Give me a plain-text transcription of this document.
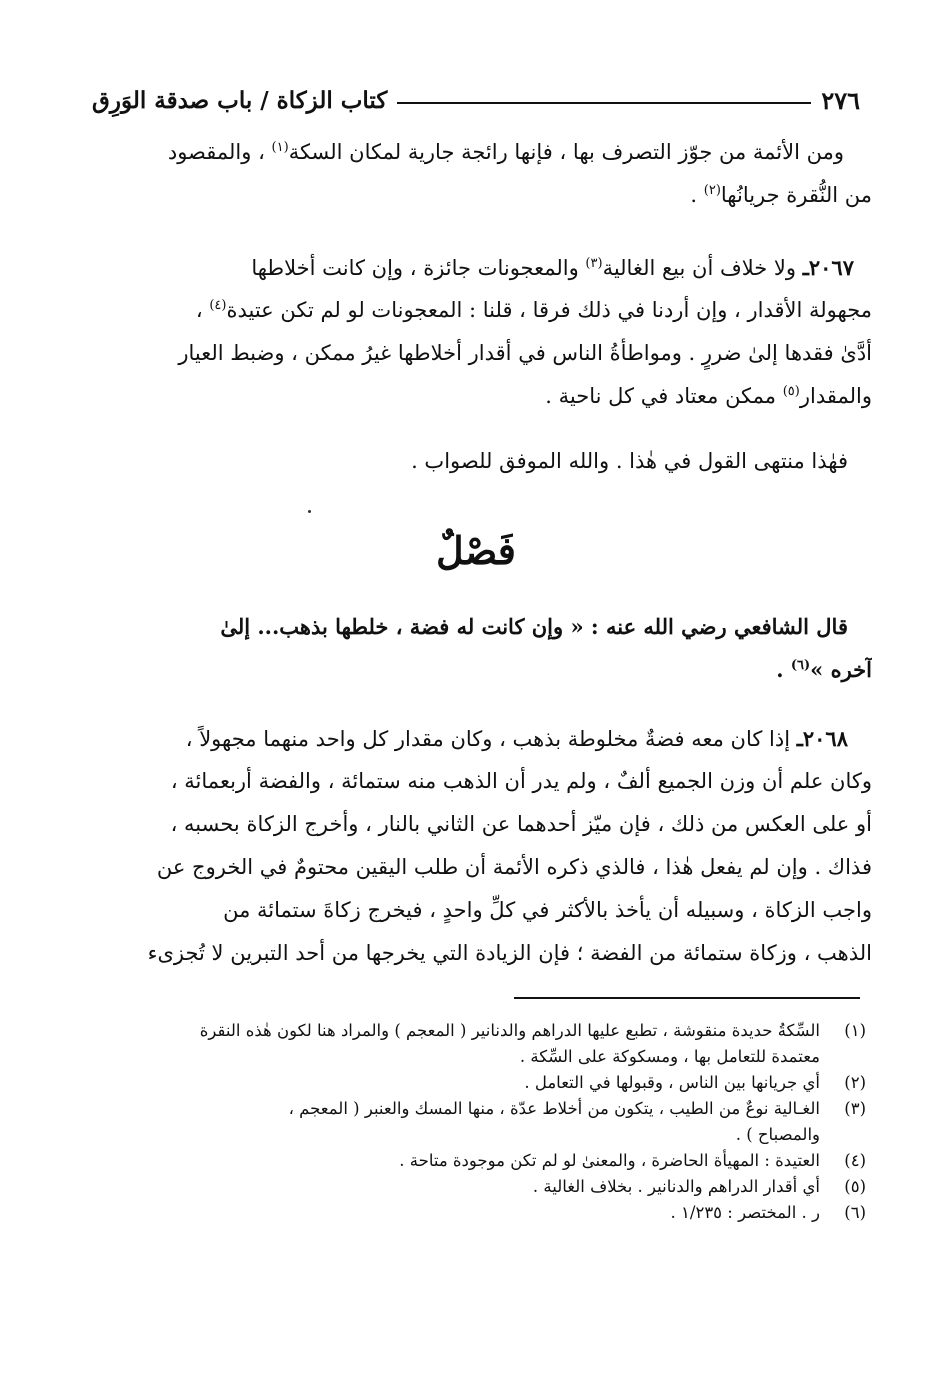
٢٧٦
كتاب الزكاة / باب صدقة الوَرِق
ومن الأئمة من جوّز التصرف بها ، فإنها رائجة جارية لمكان السكة$^{(١)}$ ، والمقصود
من النُّقرة جريانُها$^{(٢)}$ .
٢٠٦٧ـ ولا خلاف أن بيع الغالية$^{(٣)}$ والمعجونات جائزة ، وإن كانت أخلاطها
مجهولة الأقدار ، وإن أردنا في ذلك فرقا ، قلنا : المعجونات لو لم تكن عتيدة$^{(٤)}$ ،
أدَّىٰ فقدها إلىٰ ضررٍ . ومواطأةُ الناس في أقدار أخلاطها غيرُ ممكن ، وضبط العيار
والمقدار$^{(٥)}$ ممكن معتاد في كل ناحية .
فهٰذا منتهى القول في هٰذا . والله الموفق للصواب .
فَصْلٌ
قال الشافعي رضي الله عنه : « وإن كانت له فضة ، خلطها بذهب... إلىٰ
آخره »$^{(٦)}$ .
٢٠٦٨ـ إذا كان معه فضةٌ مخلوطة بذهب ، وكان مقدار كل واحد منهما مجهولاً ،
وكان علم أن وزن الجميع ألفٌ ، ولم يدر أن الذهب منه ستمائة ، والفضة أربعمائة ،
أو على العكس من ذلك ، فإن ميّز أحدهما عن الثاني بالنار ، وأخرج الزكاة بحسبه ،
فذاك . وإن لم يفعل هٰذا ، فالذي ذكره الأئمة أن طلب اليقين محتومٌ في الخروج عن
واجب الزكاة ، وسبيله أن يأخذ بالأكثر في كلِّ واحدٍ ، فيخرج زكاةَ ستمائة من
الذهب ، وزكاة ستمائة من الفضة ؛ فإن الزيادة التي يخرجها من أحد التبرين لا تُجزىء
(١)
السِّكةُ حديدة منقوشة ، تطبع عليها الدراهم والدنانير ( المعجم ) والمراد هنا لكون هٰذه النقرة
معتمدة للتعامل بها ، ومسكوكة على السِّكة .
(٢)
أي جريانها بين الناس ، وقبولها في التعامل .
(٣)
الغـالية نوعٌ من الطيب ، يتكون من أخلاط عدّة ، منها المسك والعنبر ( المعجم ،
والمصباح ) .
(٤)
العتيدة : المهيأة الحاضرة ، والمعنىٰ لو لم تكن موجودة متاحة .
(٥)
أي أقدار الدراهم والدنانير . بخلاف الغالية .
(٦)
ر . المختصر : ١/٢٣٥ .
